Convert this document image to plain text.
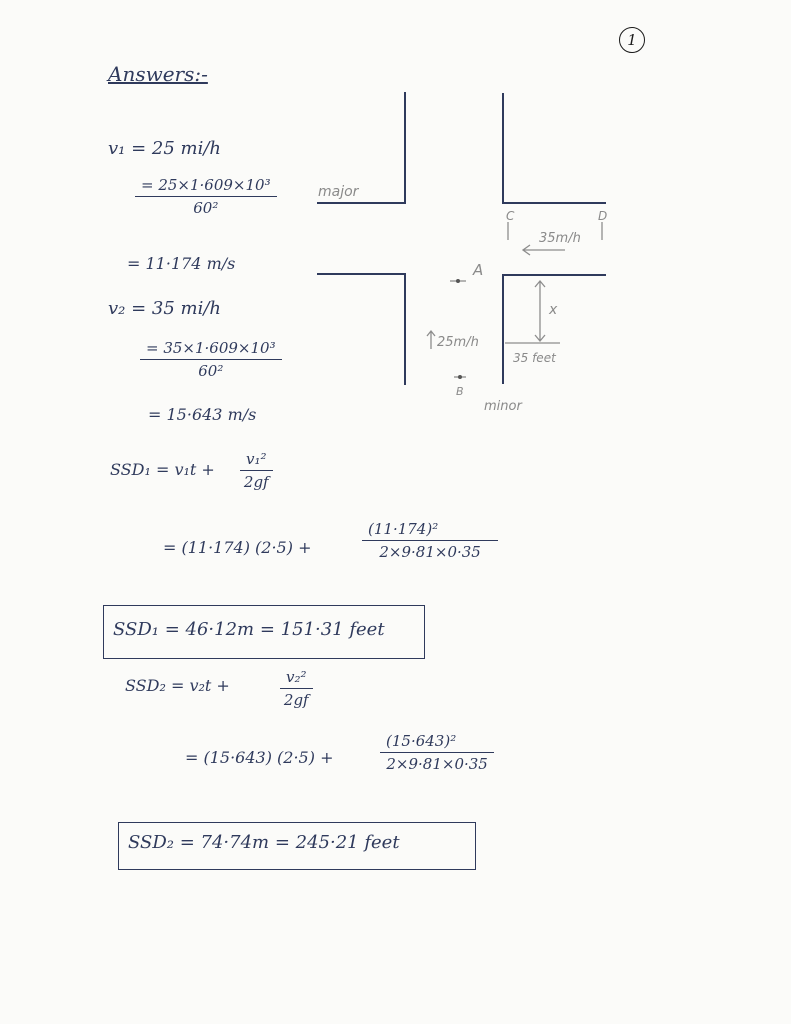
1
Answers:-
v₁ = 25 mi/h
$\frac{\text{= 25×1·609×10³}}{\text{60²}}$
= 11·174 m/s
v₂ = 35 mi/h
$\frac{\text{= 35×1·609×10³}}{\text{60²}}$
= 15·643 m/s
$SSD_1 = v_1t + \frac{\text{v₁²}}{2gf}$
= (11·174) (2·5) +	$\frac{\text{(11·174)²}}{2\times 9\cdot 81\times 0\cdot 35}$
SSD₁ = 46·12m = 151·31 feet
SSD₂ = v₂t +	$\frac{\text{v₂²}}{2gf}$
= (15·643) (2·5) +	$\frac{\text{(15·643)²}}{2\times 9\cdot 81\times 0\cdot 35}$
SSD₂ = 74·74m = 245·21 feet
major
minor
A
B
C	D
35m/h
25m/h
x
35 feet
